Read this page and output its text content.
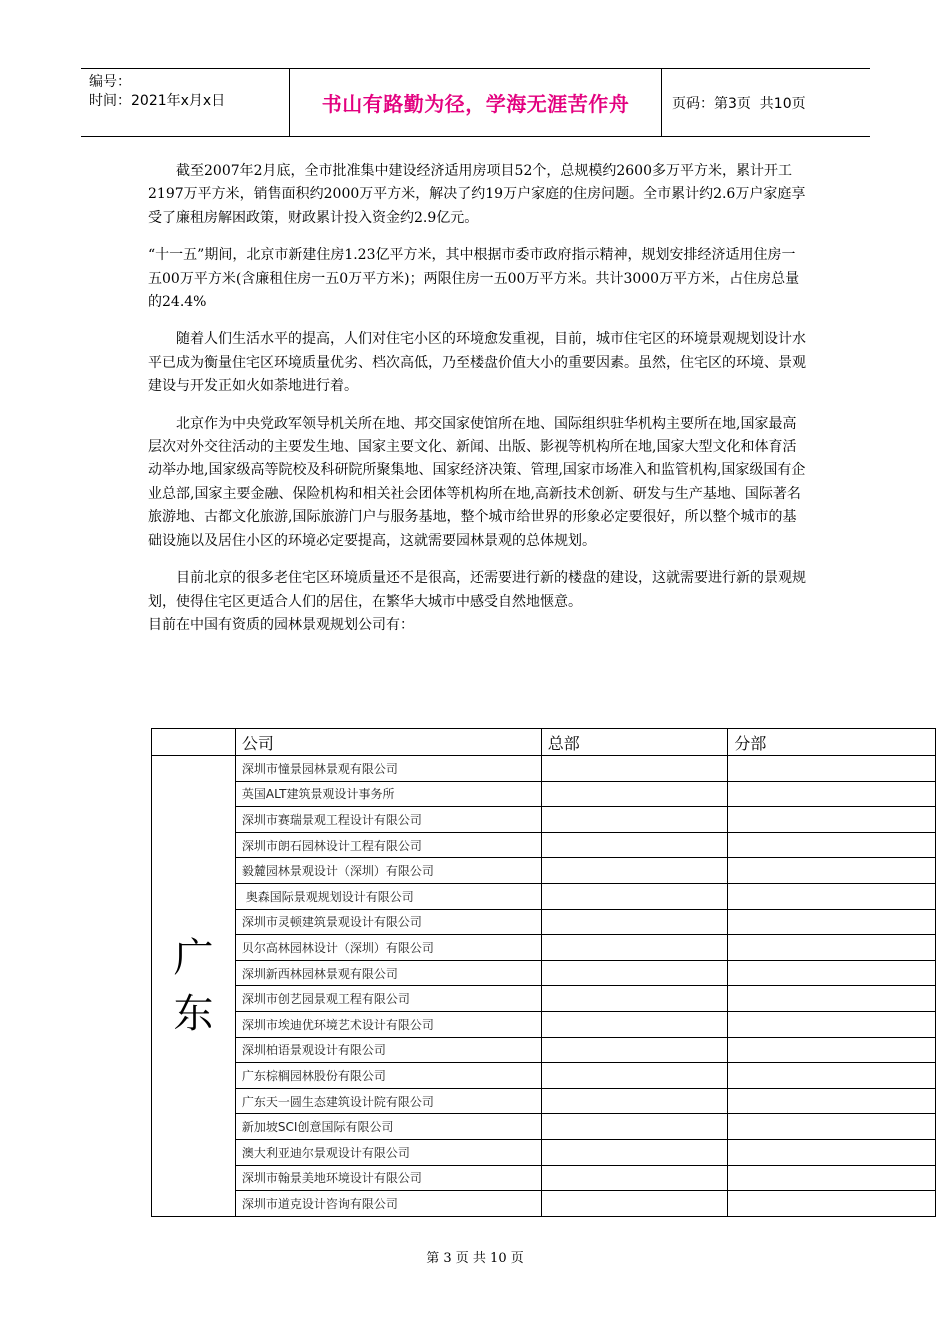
编号：
时间：2021年x月x日	书山有路勤为径，学海无涯苦作舟	页码：第3页  共10页

截至2007年2月底，全市批准集中建设经济适用房项目52个，总规模约2600多万平方米，累计开工2197万平方米，销售面积约2000万平方米，解决了约19万户家庭的住房问题。全市累计约2.6万户家庭享受了廉租房解困政策，财政累计投入资金约2.9亿元。

“十一五”期间，北京市新建住房1.23亿平方米，其中根据市委市政府指示精神，规划安排经济适用住房一五00万平方米(含廉租住房一五0万平方米)；两限住房一五00万平方米。共计3000万平方米，占住房总量的24.4%

随着人们生活水平的提高，人们对住宅小区的环境愈发重视，目前，城市住宅区的环境景观规划设计水平已成为衡量住宅区环境质量优劣、档次高低，乃至楼盘价值大小的重要因素。虽然，住宅区的环境、景观建设与开发正如火如荼地进行着。

北京作为中央党政军领导机关所在地、邦交国家使馆所在地、国际组织驻华机构主要所在地,国家最高层次对外交往活动的主要发生地、国家主要文化、新闻、出版、影视等机构所在地,国家大型文化和体育活动举办地,国家级高等院校及科研院所聚集地、国家经济决策、管理,国家市场准入和监管机构,国家级国有企业总部,国家主要金融、保险机构和相关社会团体等机构所在地,高新技术创新、研发与生产基地、国际著名旅游地、古都文化旅游,国际旅游门户与服务基地，整个城市给世界的形象必定要很好，所以整个城市的基础设施以及居住小区的环境必定要提高，这就需要园林景观的总体规划。

目前北京的很多老住宅区环境质量还不是很高，还需要进行新的楼盘的建设，这就需要进行新的景观规划，使得住宅区更适合人们的居住，在繁华大城市中感受自然地惬意。

目前在中国有资质的园林景观规划公司有：

	公司	总部	分部

广东	深圳市憧景园林景观有限公司		
	英国ALT建筑景观设计事务所		
	深圳市赛瑞景观工程设计有限公司		
	深圳市朗石园林设计工程有限公司		
	毅麓园林景观设计（深圳）有限公司		
	奥森国际景观规划设计有限公司		
	深圳市灵顿建筑景观设计有限公司		
	贝尔高林园林设计（深圳）有限公司		
	深圳新西林园林景观有限公司		
	深圳市创艺园景观工程有限公司		
	深圳市埃迪优环境艺术设计有限公司		
	深圳柏语景观设计有限公司		
	广东棕榈园林股份有限公司		
	广东天一圆生态建筑设计院有限公司		
	新加坡SCI创意国际有限公司		
	澳大利亚迪尔景观设计有限公司		
	深圳市翰景美地环境设计有限公司		
	深圳市道克设计咨询有限公司		
第 3 页 共 10 页
